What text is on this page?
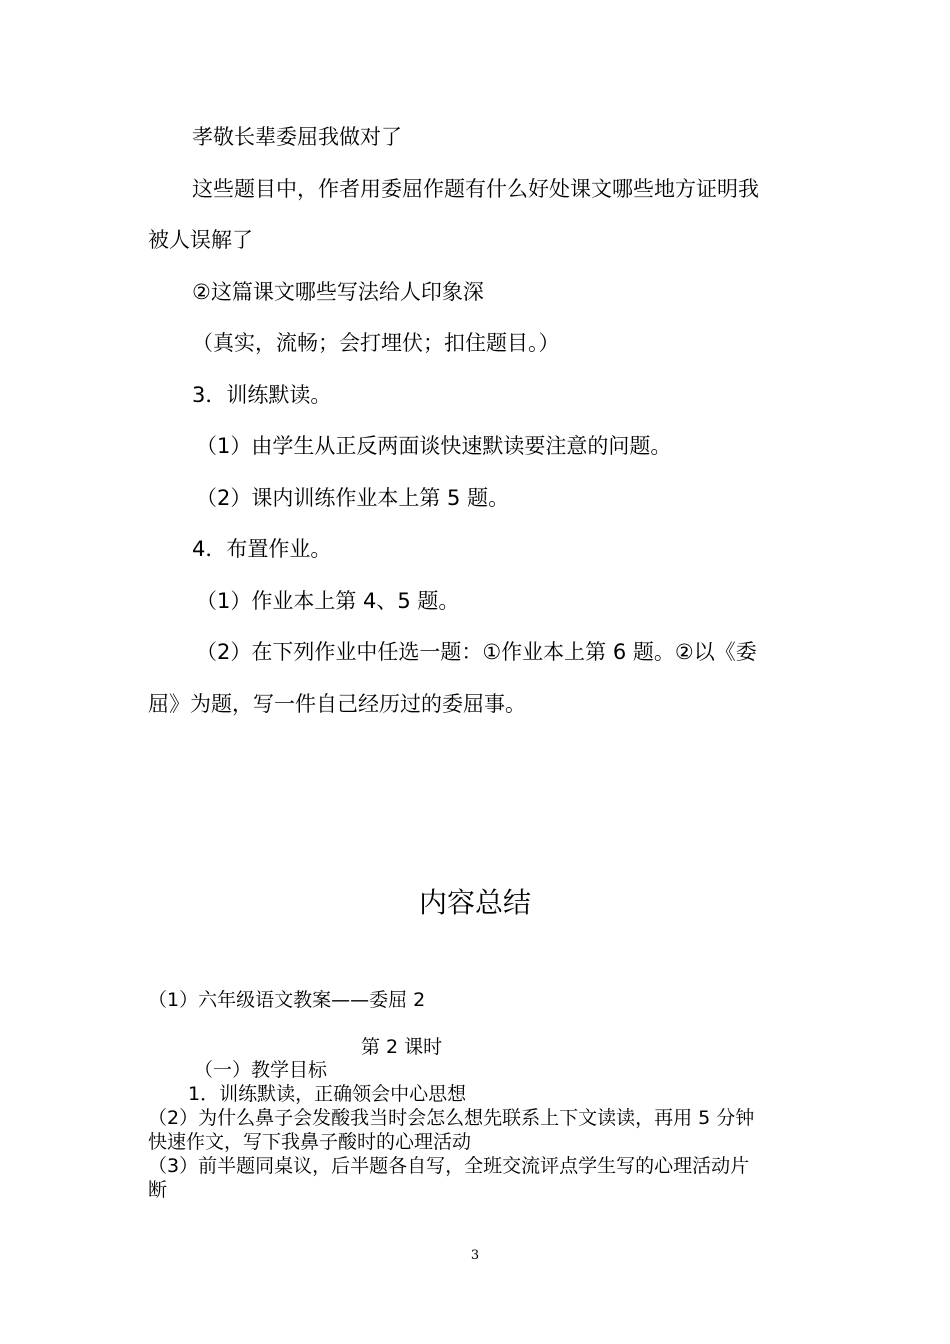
孝敬长辈委屈我做对了

这些题目中，作者用委屈作题有什么好处课文哪些地方证明我

被人误解了

②这篇课文哪些写法给人印象深

（真实，流畅；会打埋伏；扣住题目。）

3．训练默读。

（1）由学生从正反两面谈快速默读要注意的问题。

（2）课内训练作业本上第 5 题。

4．布置作业。

（1）作业本上第 4、5 题。

（2）在下列作业中任选一题：①作业本上第 6 题。②以《委

屈》为题，写一件自己经历过的委屈事。

内容总结

（1）六年级语文教案——委屈 2

第 2 课时

（一）教学目标

1．训练默读，正确领会中心思想

（2）为什么鼻子会发酸我当时会怎么想先联系上下文读读，再用 5 分钟

快速作文，写下我鼻子酸时的心理活动

（3）前半题同桌议，后半题各自写，全班交流评点学生写的心理活动片

断

3
